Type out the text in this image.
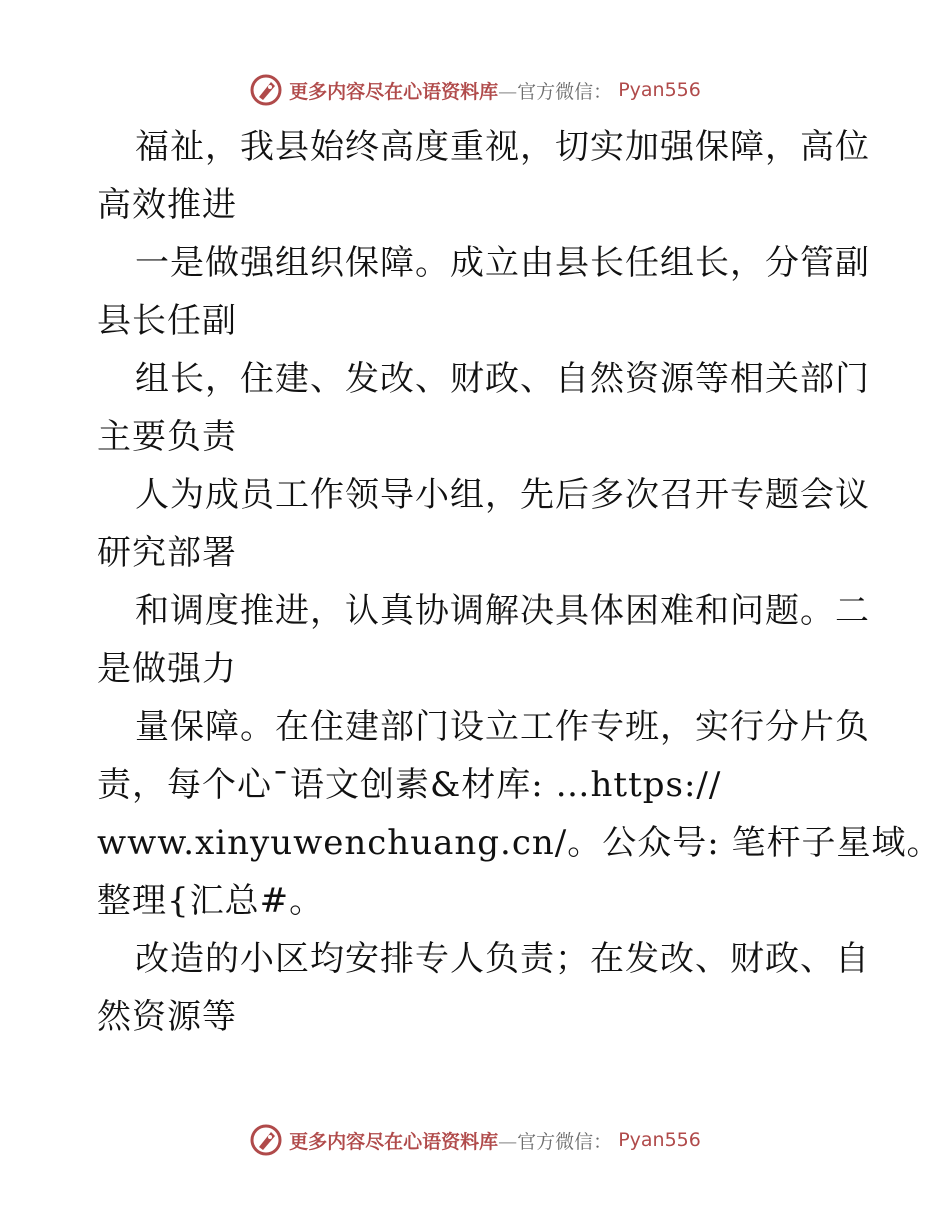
更多内容尽在心语资料库—官方微信： Pyan556
福祉，我县始终高度重视，切实加强保障，高位
高效推进
一是做强组织保障。成立由县长任组长，分管副
县长任副
组长，住建、发改、财政、自然资源等相关部门
主要负责
人为成员工作领导小组，先后多次召开专题会议
研究部署
和调度推进，认真协调解决具体困难和问题。二
是做强力
量保障。在住建部门设立工作专班，实行分片负
责，每个心¯语文创素&材库: …https://
www.xinyuwenchuang.cn/。公众号: 笔杆子星域。
整理{汇总#。
改造的小区均安排专人负责；在发改、财政、自
然资源等
更多内容尽在心语资料库—官方微信： Pyan556
